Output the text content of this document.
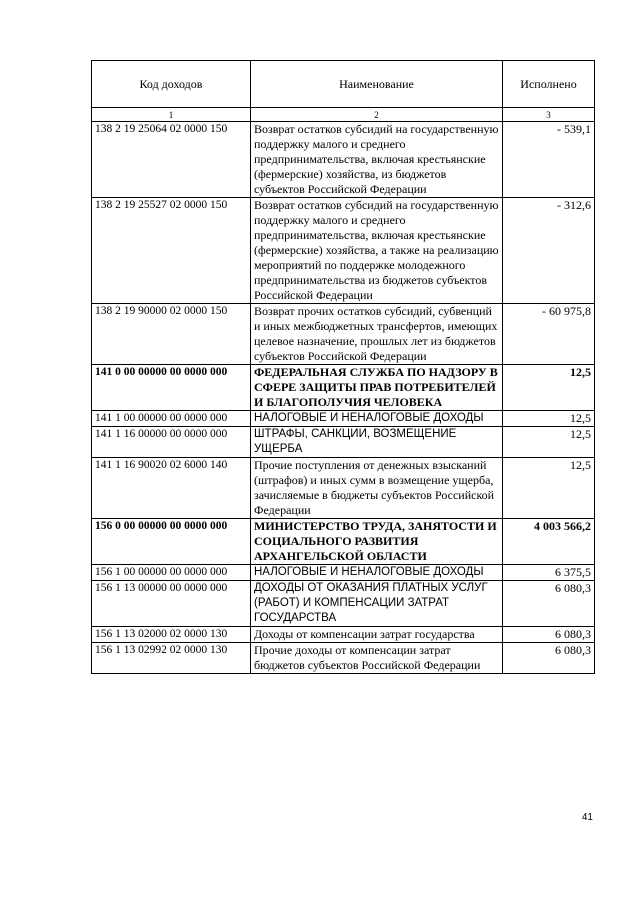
Код доходов	Наименование	Исполнено
1	2	3
138 2 19 25064 02 0000 150	Возврат остатков субсидий на государственную поддержку малого и среднего предпринимательства, включая крестьянские (фермерские) хозяйства, из бюджетов субъектов Российской Федерации	- 539,1
138 2 19 25527 02 0000 150	Возврат остатков субсидий на государственную поддержку малого и среднего предпринимательства, включая крестьянские (фермерские) хозяйства, а также на реализацию мероприятий по поддержке молодежного предпринимательства из бюджетов субъектов Российской Федерации	- 312,6
138 2 19 90000 02 0000 150	Возврат прочих остатков субсидий, субвенций и иных межбюджетных трансфертов, имеющих целевое назначение, прошлых лет из бюджетов субъектов Российской Федерации	- 60 975,8
141 0 00 00000 00 0000 000	ФЕДЕРАЛЬНАЯ СЛУЖБА ПО НАДЗОРУ В СФЕРЕ ЗАЩИТЫ ПРАВ ПОТРЕБИТЕЛЕЙ И БЛАГОПОЛУЧИЯ ЧЕЛОВЕКА	12,5
141 1 00 00000 00 0000 000	НАЛОГОВЫЕ И НЕНАЛОГОВЫЕ ДОХОДЫ	12,5
141 1 16 00000 00 0000 000	ШТРАФЫ, САНКЦИИ, ВОЗМЕЩЕНИЕ УЩЕРБА	12,5
141 1 16 90020 02 6000 140	Прочие поступления от денежных взысканий (штрафов) и иных сумм в возмещение ущерба, зачисляемые в бюджеты субъектов Российской Федерации	12,5
156 0 00 00000 00 0000 000	МИНИСТЕРСТВО ТРУДА, ЗАНЯТОСТИ И СОЦИАЛЬНОГО РАЗВИТИЯ АРХАНГЕЛЬСКОЙ ОБЛАСТИ	4 003 566,2
156 1 00 00000 00 0000 000	НАЛОГОВЫЕ И НЕНАЛОГОВЫЕ ДОХОДЫ	6 375,5
156 1 13 00000 00 0000 000	ДОХОДЫ ОТ ОКАЗАНИЯ ПЛАТНЫХ УСЛУГ (РАБОТ) И КОМПЕНСАЦИИ ЗАТРАТ ГОСУДАРСТВА	6 080,3
156 1 13 02000 02 0000 130	Доходы от компенсации затрат государства	6 080,3
156 1 13 02992 02 0000 130	Прочие доходы от компенсации затрат бюджетов субъектов Российской Федерации	6 080,3
41
